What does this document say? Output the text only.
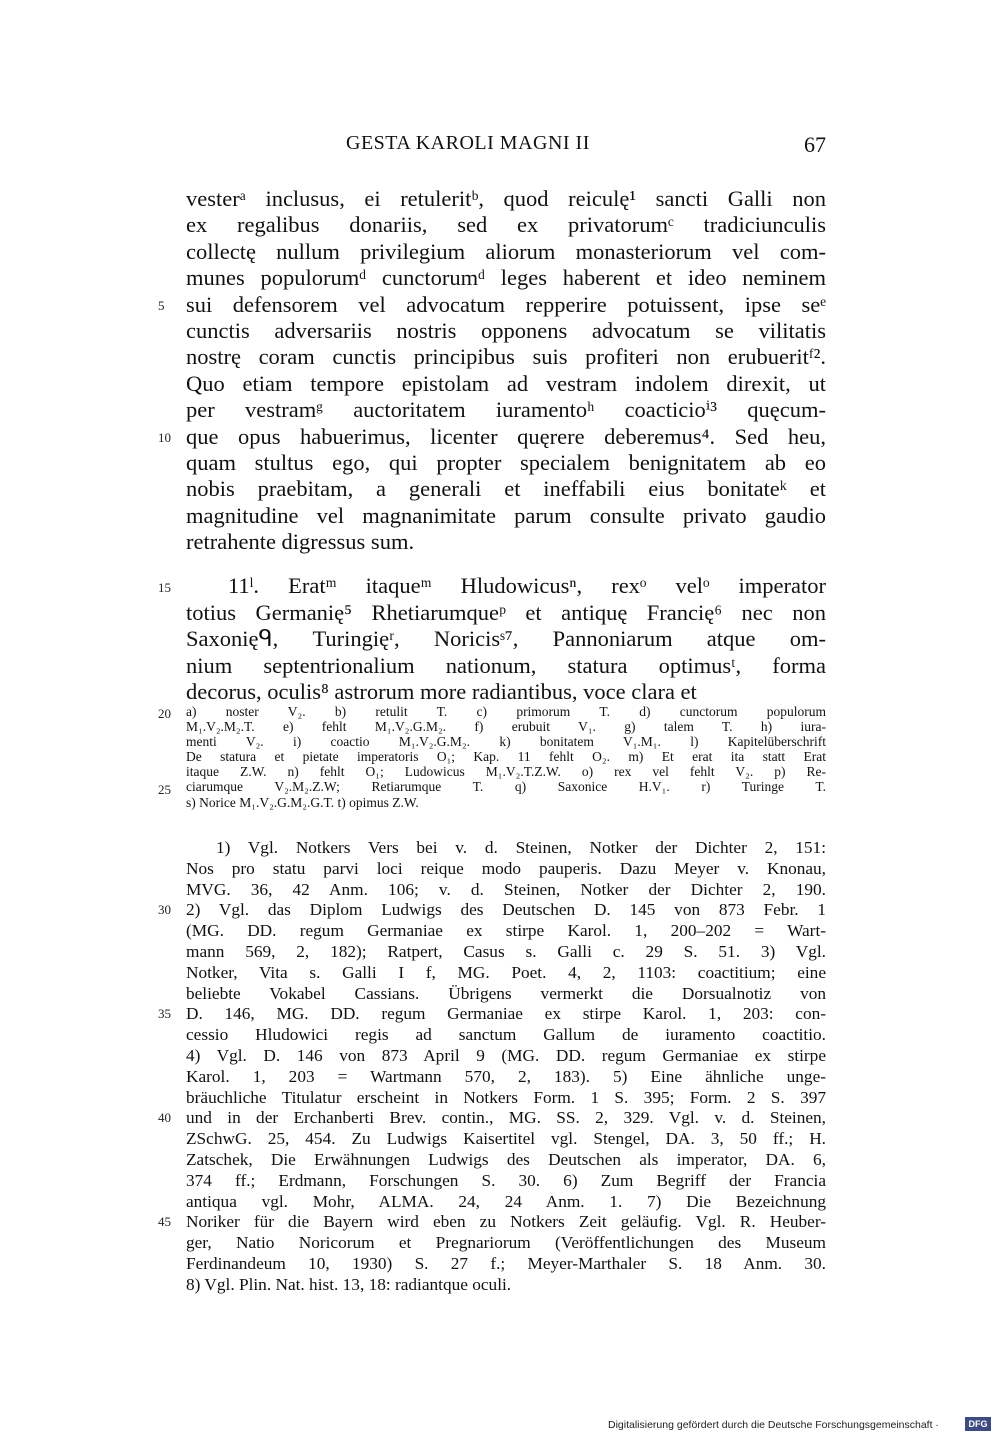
GESTA KAROLI MAGNI II	67
vesterᵃ inclusus, ei retuleritᵇ, quod reiculę¹ sancti Galli non
ex regalibus donariis, sed ex privatorumᶜ tradiciunculis
collectę nullum privilegium aliorum monasteriorum vel com-
munes populorumᵈ cunctorumᵈ leges haberent et ideo neminem
sui defensorem vel advocatum repperire potuissent, ipse seᵉ
cunctis adversariis nostris opponens advocatum se vilitatis
nostrę coram cunctis principibus suis profiteri non erubueritᶠ².
Quo etiam tempore epistolam ad vestram indolem direxit, ut
per vestramᵍ auctoritatem iuramentoʰ coacticioⁱ³ quęcum-
que opus habuerimus, licenter quęrere deberemus⁴. Sed heu,
quam stultus ego, qui propter specialem benignitatem ab eo
nobis praebitam, a generali et ineffabili eius bonitateᵏ et
magnitudine vel magnanimitate parum consulte privato gaudio
retrahente digressus sum.
11ˡ. Eratᵐ itaqueᵐ Hludowicusⁿ, rexᵒ velᵒ imperator
totius Germanię⁵ Rhetiarumqueᵖ et antiquę Francię⁶ nec non
Saxonięᑫ, Turingięʳ, Noricisˢ⁷, Pannoniarum atque om-
nium septentrionalium nationum, statura optimusᵗ, forma
decorus, oculis⁸ astrorum more radiantibus, voce clara et
a) noster V₂. b) retulit T. c) primorum T. d) cunctorum populorum
M₁.V₂.M₂.T. e) fehlt M₁.V₂.G.M₂. f) erubuit V₁. g) talem T. h) iura-
menti V₂. i) coactio M₁.V₂.G.M₂. k) bonitatem V₁.M₁. l) Kapitelüberschrift
De statura et pietate imperatoris O₁; Kap. 11 fehlt O₂. m) Et erat ita statt Erat
itaque Z.W. n) fehlt O₁; Ludowicus M₁.V₂.T.Z.W. o) rex vel fehlt V₂. p) Re-
ciarumque V₂.M₂.Z.W; Retiarumque T. q) Saxonice H.V₁. r) Turinge T.
s) Norice M₁.V₂.G.M₂.G.T. t) opimus Z.W.
1) Vgl. Notkers Vers bei v. d. Steinen, Notker der Dichter 2, 151:
Nos pro statu parvi loci reique modo pauperis. Dazu Meyer v. Knonau,
MVG. 36, 42 Anm. 106; v. d. Steinen, Notker der Dichter 2, 190.
2) Vgl. das Diplom Ludwigs des Deutschen D. 145 von 873 Febr. 1
(MG. DD. regum Germaniae ex stirpe Karol. 1, 200–202 = Wart-
mann 569, 2, 182); Ratpert, Casus s. Galli c. 29 S. 51. 3) Vgl.
Notker, Vita s. Galli I f, MG. Poet. 4, 2, 1103: coactitium; eine
beliebte Vokabel Cassians. Übrigens vermerkt die Dorsualnotiz von
D. 146, MG. DD. regum Germaniae ex stirpe Karol. 1, 203: con-
cessio Hludowici regis ad sanctum Gallum de iuramento coactitio.
4) Vgl. D. 146 von 873 April 9 (MG. DD. regum Germaniae ex stirpe
Karol. 1, 203 = Wartmann 570, 2, 183). 5) Eine ähnliche unge-
bräuchliche Titulatur erscheint in Notkers Form. 1 S. 395; Form. 2 S. 397
und in der Erchanberti Brev. contin., MG. SS. 2, 329. Vgl. v. d. Steinen,
ZSchwG. 25, 454. Zu Ludwigs Kaisertitel vgl. Stengel, DA. 3, 50 ff.; H.
Zatschek, Die Erwähnungen Ludwigs des Deutschen als imperator, DA. 6,
374 ff.; Erdmann, Forschungen S. 30. 6) Zum Begriff der Francia
antiqua vgl. Mohr, ALMA. 24, 24 Anm. 1. 7) Die Bezeichnung
Noriker für die Bayern wird eben zu Notkers Zeit geläufig. Vgl. R. Heuber-
ger, Natio Noricorum et Pregnariorum (Veröffentlichungen des Museum
Ferdinandeum 10, 1930) S. 27 f.; Meyer-Marthaler S. 18 Anm. 30.
8) Vgl. Plin. Nat. hist. 13, 18: radiantque oculi.
5
10
15
20
25
30
35
40
45
Digitalisierung gefördert durch die Deutsche Forschungsgemeinschaft ·	DFG
